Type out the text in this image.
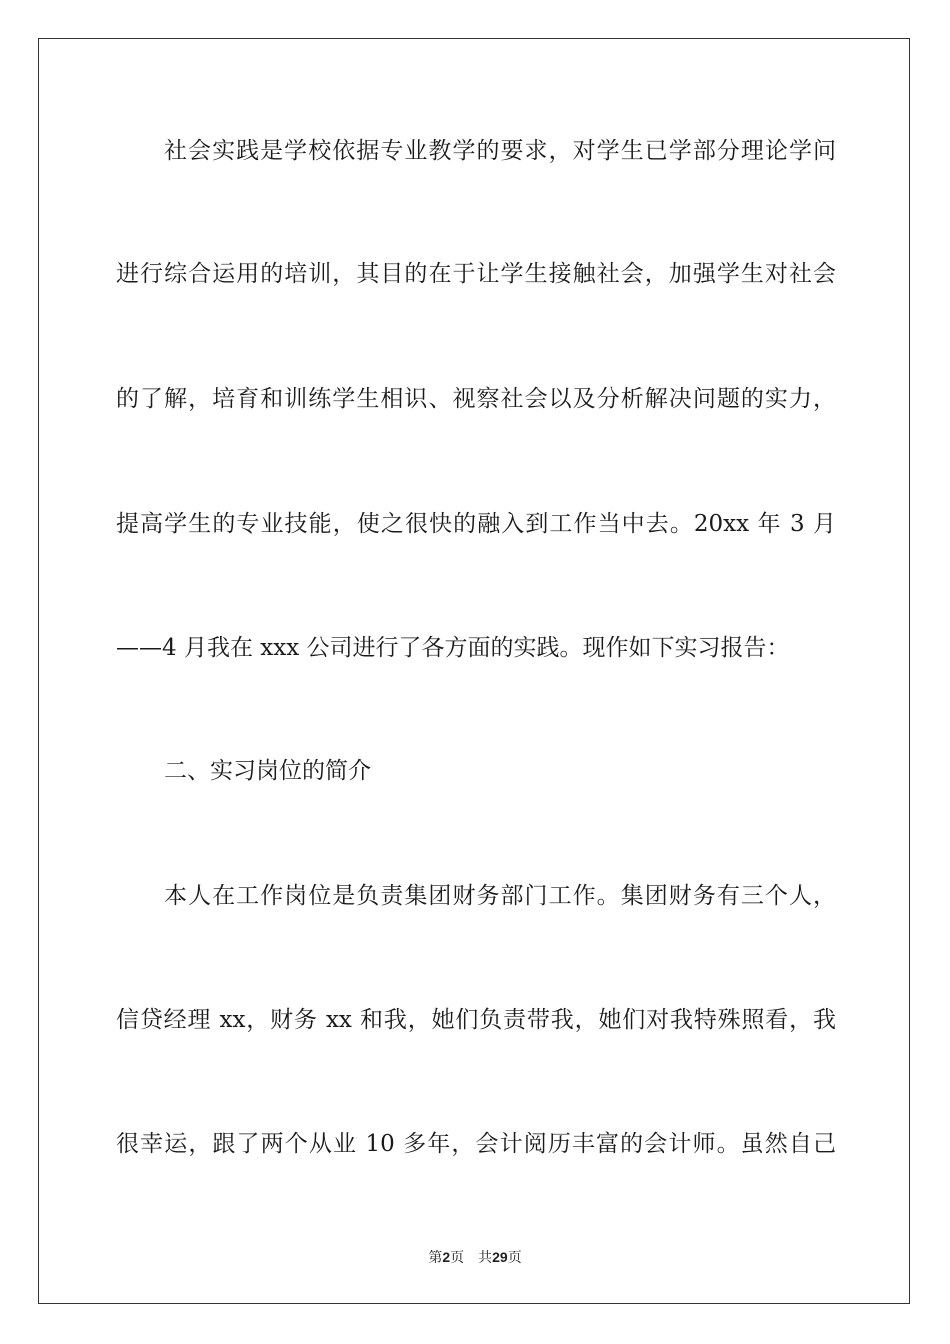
社会实践是学校依据专业教学的要求，对学生已学部分理论学问
进行综合运用的培训，其目的在于让学生接触社会，加强学生对社会
的了解，培育和训练学生相识、视察社会以及分析解决问题的实力，
提高学生的专业技能，使之很快的融入到工作当中去。20xx 年 3 月
——4 月我在 xxx 公司进行了各方面的实践。现作如下实习报告：
二、实习岗位的简介
本人在工作岗位是负责集团财务部门工作。集团财务有三个人，
信贷经理 xx，财务 xx 和我，她们负责带我，她们对我特殊照看，我
很幸运，跟了两个从业 10 多年，会计阅历丰富的会计师。虽然自己
第2页 共29页
